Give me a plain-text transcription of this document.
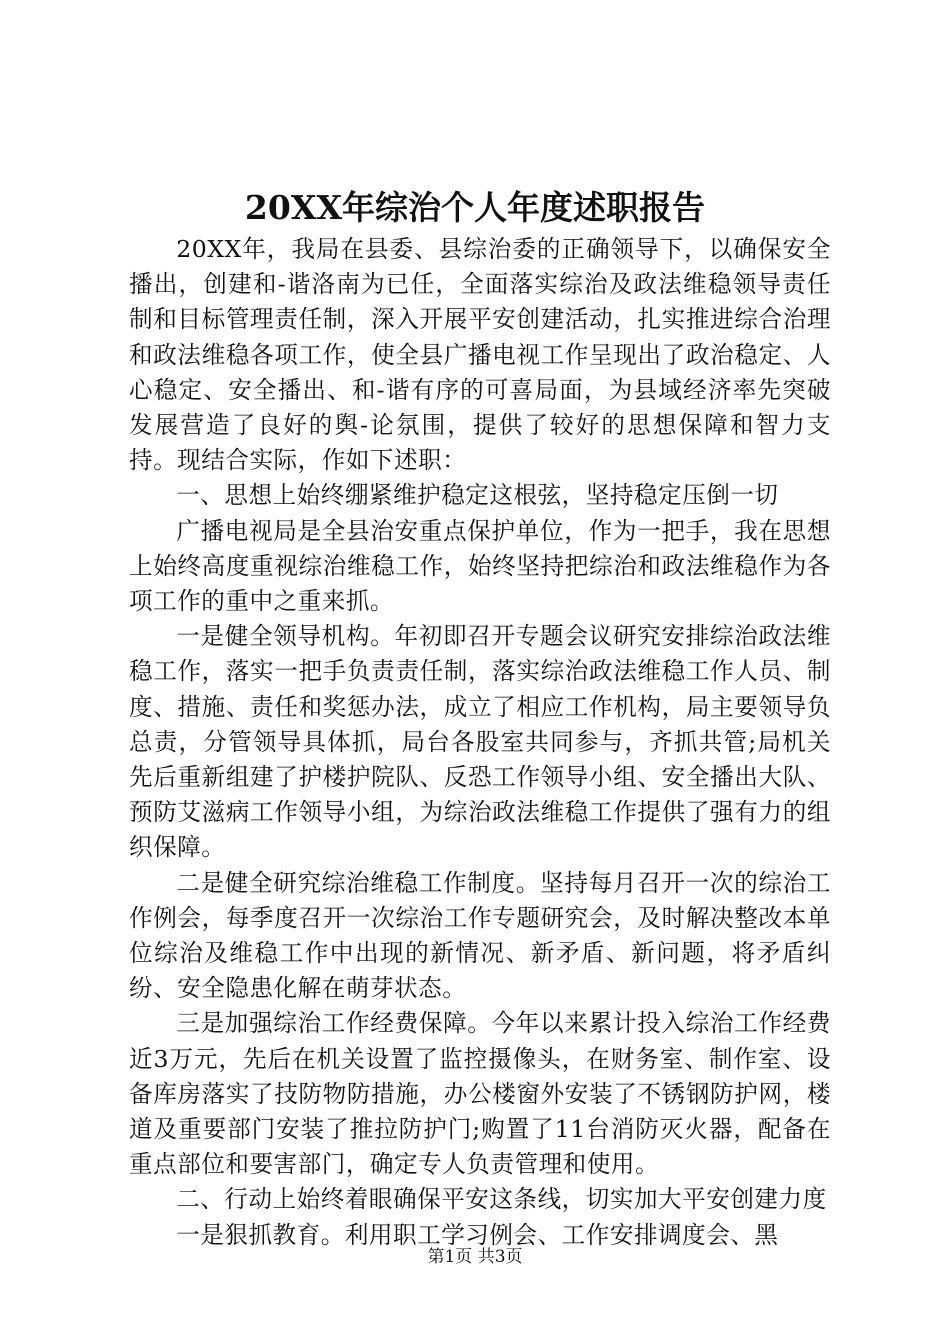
20XX年综治个人年度述职报告

20XX年，我局在县委、县综治委的正确领导下，以确保安全播出，创建和-谐洛南为已任，全面落实综治及政法维稳领导责任制和目标管理责任制，深入开展平安创建活动，扎实推进综合治理和政法维稳各项工作，使全县广播电视工作呈现出了政治稳定、人心稳定、安全播出、和-谐有序的可喜局面，为县域经济率先突破发展营造了良好的舆-论氛围，提供了较好的思想保障和智力支持。现结合实际，作如下述职：

一、思想上始终绷紧维护稳定这根弦，坚持稳定压倒一切

广播电视局是全县治安重点保护单位，作为一把手，我在思想上始终高度重视综治维稳工作，始终坚持把综治和政法维稳作为各项工作的重中之重来抓。

一是健全领导机构。年初即召开专题会议研究安排综治政法维稳工作，落实一把手负责责任制，落实综治政法维稳工作人员、制度、措施、责任和奖惩办法，成立了相应工作机构，局主要领导负总责，分管领导具体抓，局台各股室共同参与，齐抓共管;局机关先后重新组建了护楼护院队、反恐工作领导小组、安全播出大队、预防艾滋病工作领导小组，为综治政法维稳工作提供了强有力的组织保障。

二是健全研究综治维稳工作制度。坚持每月召开一次的综治工作例会，每季度召开一次综治工作专题研究会，及时解决整改本单位综治及维稳工作中出现的新情况、新矛盾、新问题，将矛盾纠纷、安全隐患化解在萌芽状态。

三是加强综治工作经费保障。今年以来累计投入综治工作经费近3万元，先后在机关设置了监控摄像头，在财务室、制作室、设备库房落实了技防物防措施，办公楼窗外安装了不锈钢防护网，楼道及重要部门安装了推拉防护门;购置了11台消防灭火器，配备在重点部位和要害部门，确定专人负责管理和使用。

二、行动上始终着眼确保平安这条线，切实加大平安创建力度

一是狠抓教育。利用职工学习例会、工作安排调度会、黑

第1页 共3页
